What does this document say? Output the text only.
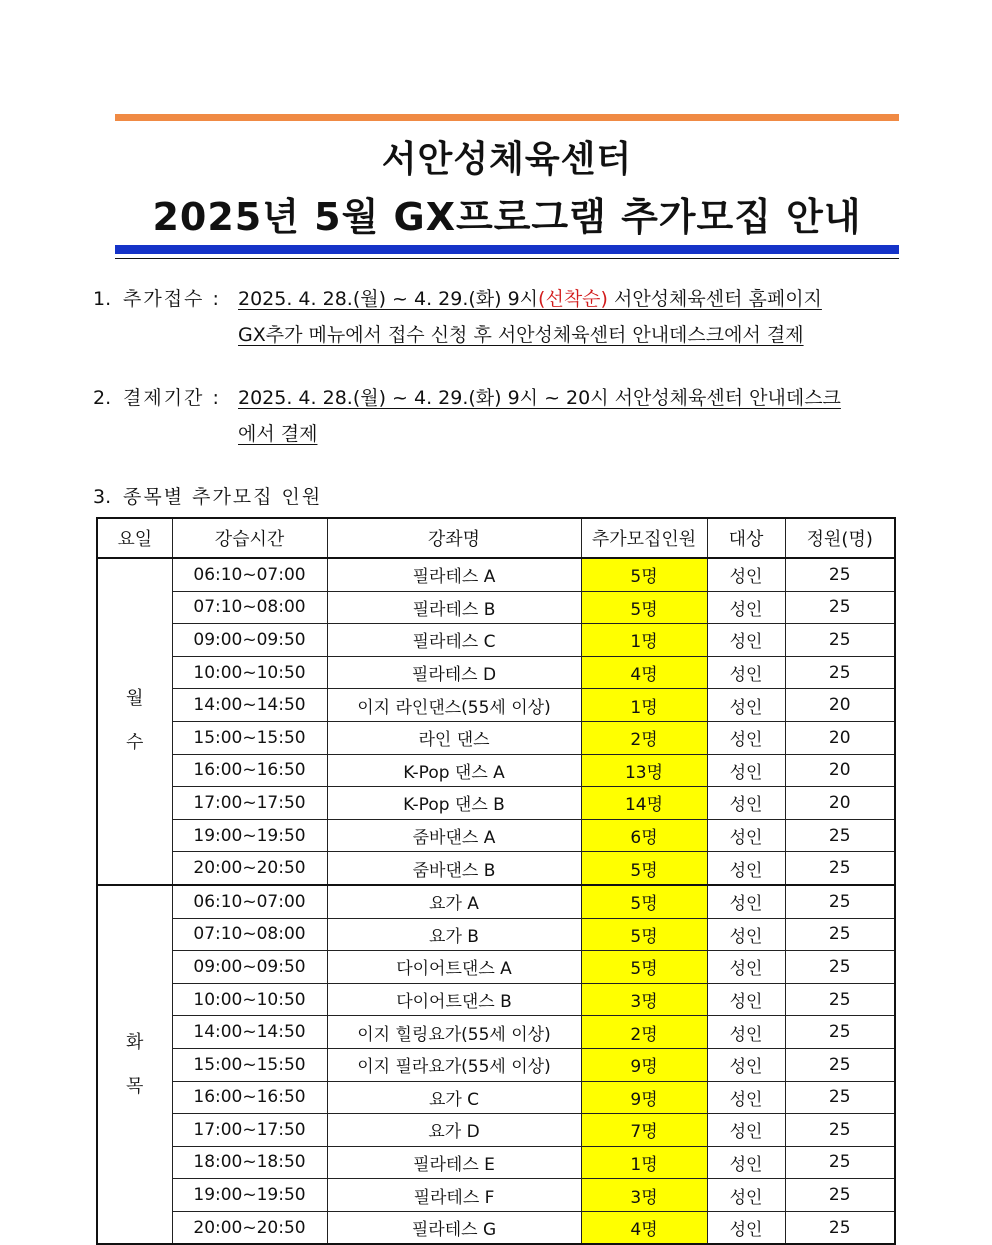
서안성체육센터
2025년 5월 GX프로그램 추가모집 안내
1. 추가접수 : 2025. 4. 28.(월) ~ 4. 29.(화) 9시(선착순) 서안성체육센터 홈페이지
GX추가 메뉴에서 접수 신청 후 서안성체육센터 안내데스크에서 결제
2. 결제기간 : 2025. 4. 28.(월) ~ 4. 29.(화) 9시 ~ 20시 서안성체육센터 안내데스크
에서 결제
3. 종목별 추가모집 인원
요일	강습시간	강좌명	추가모집인원	대상	정원(명)

월
수	06:10~07:00	필라테스 A	5명	성인	25
	07:10~08:00	필라테스 B	5명	성인	25
	09:00~09:50	필라테스 C	1명	성인	25
	10:00~10:50	필라테스 D	4명	성인	25
	14:00~14:50	이지 라인댄스(55세 이상)	1명	성인	20
	15:00~15:50	라인 댄스	2명	성인	20
	16:00~16:50	K-Pop 댄스 A	13명	성인	20
	17:00~17:50	K-Pop 댄스 B	14명	성인	20
	19:00~19:50	줌바댄스 A	6명	성인	25
	20:00~20:50	줌바댄스 B	5명	성인	25

화
목	06:10~07:00	요가 A	5명	성인	25
	07:10~08:00	요가 B	5명	성인	25
	09:00~09:50	다이어트댄스 A	5명	성인	25
	10:00~10:50	다이어트댄스 B	3명	성인	25
	14:00~14:50	이지 힐링요가(55세 이상)	2명	성인	25
	15:00~15:50	이지 필라요가(55세 이상)	9명	성인	25
	16:00~16:50	요가 C	9명	성인	25
	17:00~17:50	요가 D	7명	성인	25
	18:00~18:50	필라테스 E	1명	성인	25
	19:00~19:50	필라테스 F	3명	성인	25
	20:00~20:50	필라테스 G	4명	성인	25
